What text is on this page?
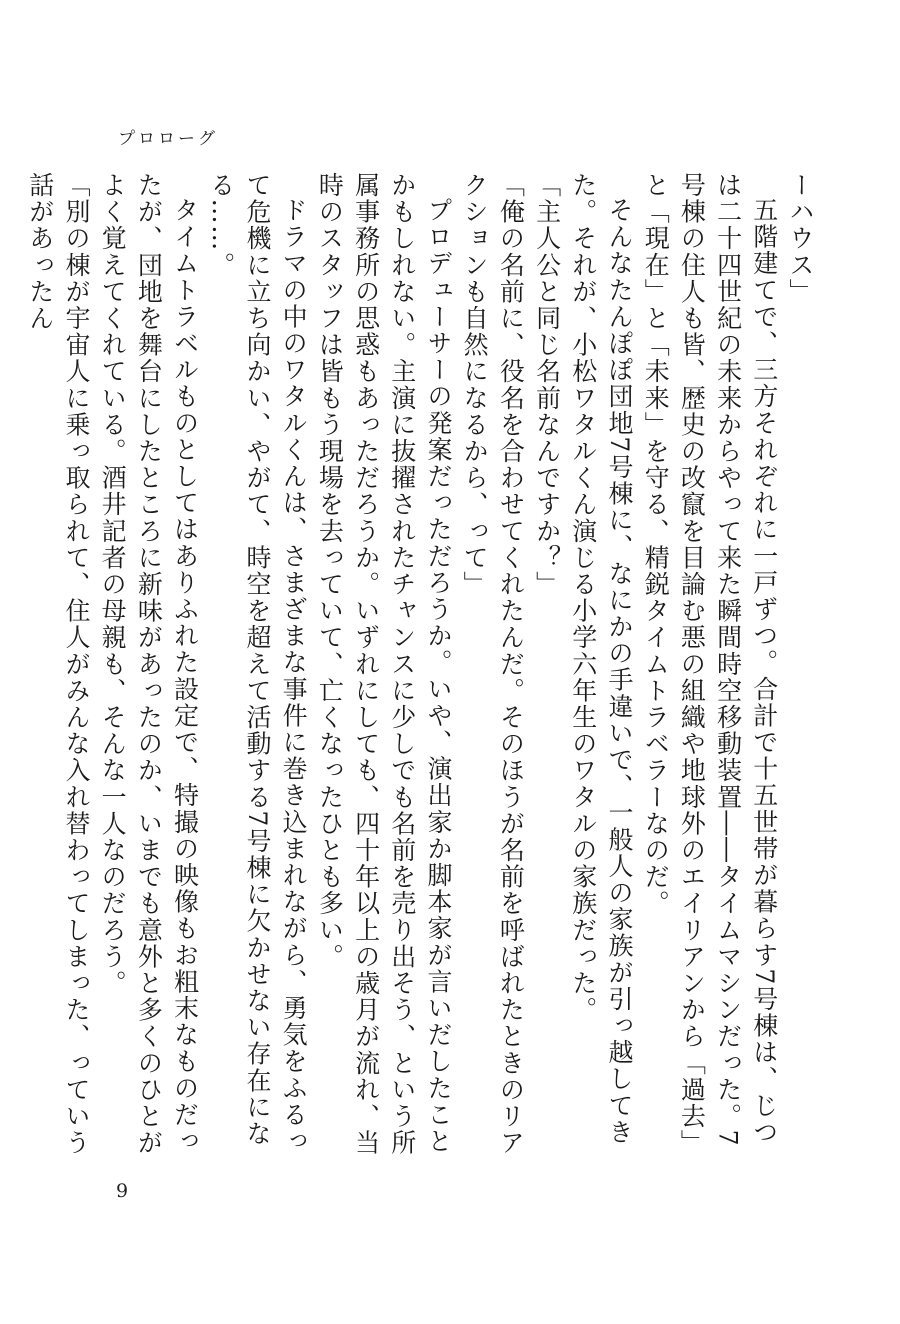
プロローグ

ーハウス」

五階建てで、三方それぞれに一戸ずつ。合計で十五世帯が暮らす7号棟は、じつは二十四世紀の未来からやって来た瞬間時空移動装置――タイムマシンだった。7号棟の住人も皆、歴史の改竄を目論む悪の組織や地球外のエイリアンから「過去」と「現在」と「未来」を守る、精鋭タイムトラベラーなのだ。

そんなたんぽぽ団地7号棟に、なにかの手違いで、一般人の家族が引っ越してきた。それが、小松ワタルくん演じる小学六年生のワタルの家族だった。

「主人公と同じ名前なんですか？」

「俺の名前に、役名を合わせてくれたんだ。そのほうが名前を呼ばれたときのリアクションも自然になるから、って」

プロデューサーの発案だっただろうか。いや、演出家か脚本家が言いだしたことかもしれない。主演に抜擢されたチャンスに少しでも名前を売り出そう、という所属事務所の思惑もあっただろうか。いずれにしても、四十年以上の歳月が流れ、当時のスタッフは皆もう現場を去っていて、亡くなったひとも多い。

ドラマの中のワタルくんは、さまざまな事件に巻き込まれながら、勇気をふるって危機に立ち向かい、やがて、時空を超えて活動する7号棟に欠かせない存在になる……。

タイムトラベルものとしてはありふれた設定で、特撮の映像もお粗末なものだったが、団地を舞台にしたところに新味があったのか、いまでも意外と多くのひとがよく覚えてくれている。酒井記者の母親も、そんな一人なのだろう。

「別の棟が宇宙人に乗っ取られて、住人がみんな入れ替わってしまった、っていう話があったん

9
